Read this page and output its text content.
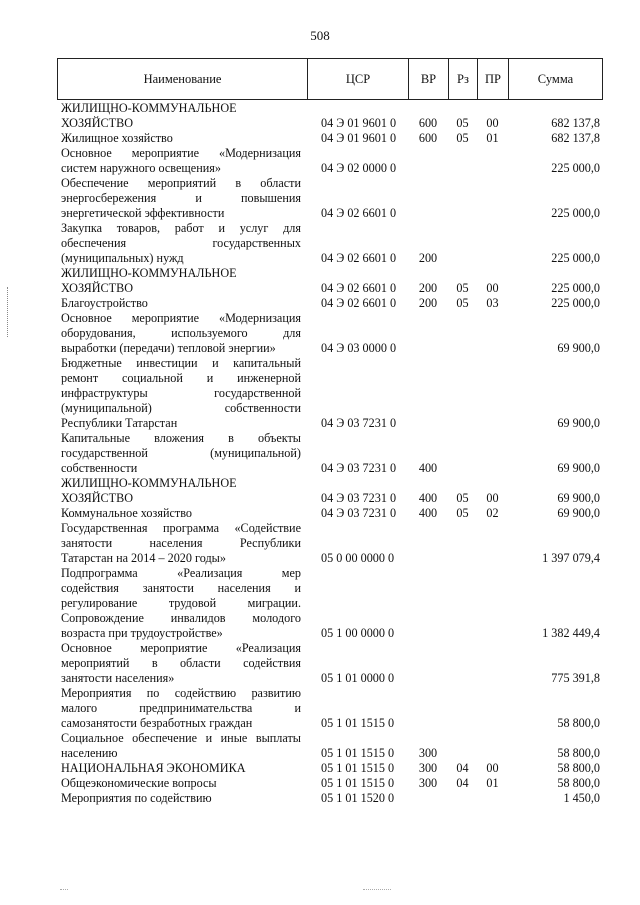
508
Наименование	ЦСР	ВР	Рз	ПР	Сумма
ЖИЛИЩНО-КОММУНАЛЬНОЕ
ХОЗЯЙСТВО	04 Э 01 9601 0	600	05	00	682 137,8

Жилищное хозяйство	04 Э 01 9601 0	600	05	01	682 137,8

Основное мероприятие «Модернизация
систем наружного освещения»	04 Э 02 0000 0				225 000,0

Обеспечение мероприятий в области
энергосбережения и повышения
энергетической эффективности	04 Э 02 6601 0				225 000,0

Закупка товаров, работ и услуг для
обеспечения государственных
(муниципальных) нужд	04 Э 02 6601 0	200			225 000,0

ЖИЛИЩНО-КОММУНАЛЬНОЕ
ХОЗЯЙСТВО	04 Э 02 6601 0	200	05	00	225 000,0

Благоустройство	04 Э 02 6601 0	200	05	03	225 000,0

Основное мероприятие «Модернизация
оборудования, используемого для
выработки (передачи) тепловой энергии»	04 Э 03 0000 0				69 900,0

Бюджетные инвестиции и капитальный
ремонт социальной и инженерной
инфраструктуры государственной
(муниципальной) собственности
Республики Татарстан	04 Э 03 7231 0				69 900,0

Капитальные вложения в объекты
государственной (муниципальной)
собственности	04 Э 03 7231 0	400			69 900,0

ЖИЛИЩНО-КОММУНАЛЬНОЕ
ХОЗЯЙСТВО	04 Э 03 7231 0	400	05	00	69 900,0

Коммунальное хозяйство	04 Э 03 7231 0	400	05	02	69 900,0

Государственная программа «Содействие
занятости населения Республики
Татарстан на 2014 – 2020 годы»	05 0 00 0000 0				1 397 079,4

Подпрограмма «Реализация мер
содействия занятости населения и
регулирование трудовой миграции.
Сопровождение инвалидов молодого
возраста при трудоустройстве»	05 1 00 0000 0				1 382 449,4

Основное мероприятие «Реализация
мероприятий в области содействия
занятости населения»	05 1 01 0000 0				775 391,8

Мероприятия по содействию развитию
малого предпринимательства и
самозанятости безработных граждан	05 1 01 1515 0				58 800,0

Социальное обеспечение и иные выплаты
населению	05 1 01 1515 0	300			58 800,0

НАЦИОНАЛЬНАЯ ЭКОНОМИКА	05 1 01 1515 0	300	04	00	58 800,0

Общеэкономические вопросы	05 1 01 1515 0	300	04	01	58 800,0

Мероприятия по содействию	05 1 01 1520 0				1 450,0
